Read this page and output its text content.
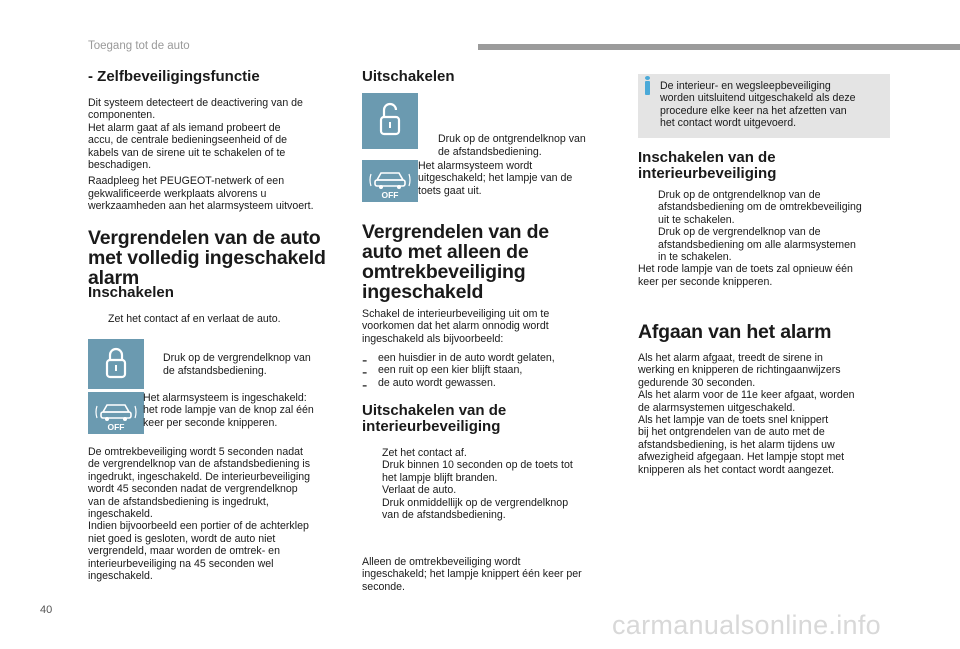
Toegang tot de auto
- Zelfbeveiligingsfunctie
Dit systeem detecteert de deactivering van de
componenten.
Het alarm gaat af als iemand probeert de
accu, de centrale bedieningseenheid of de
kabels van de sirene uit te schakelen of te
beschadigen.
Raadpleeg het PEUGEOT-netwerk of een
gekwalificeerde werkplaats alvorens u
werkzaamheden aan het alarmsysteem uitvoert.
Vergrendelen van de auto
met volledig ingeschakeld
alarm
Inschakelen
Zet het contact af en verlaat de auto.
Druk op de vergrendelknop van
de afstandsbediening.
OFF
Het alarmsysteem is ingeschakeld:
het rode lampje van de knop zal één
keer per seconde knipperen.
De omtrekbeveiliging wordt 5 seconden nadat
de vergrendelknop van de afstandsbediening is
ingedrukt, ingeschakeld. De interieurbeveiliging
wordt 45 seconden nadat de vergrendelknop
van de afstandsbediening is ingedrukt,
ingeschakeld.
Indien bijvoorbeeld een portier of de achterklep
niet goed is gesloten, wordt de auto niet
vergrendeld, maar worden de omtrek- en
interieurbeveiliging na 45 seconden wel
ingeschakeld.
Uitschakelen
Druk op de ontgrendelknop van
de afstandsbediening.
OFF
Het alarmsysteem wordt
uitgeschakeld; het lampje van de
toets gaat uit.
Vergrendelen van de
auto met alleen de
omtrekbeveiliging
ingeschakeld
Schakel de interieurbeveiliging uit om te
voorkomen dat het alarm onnodig wordt
ingeschakeld als bijvoorbeeld:
- een huisdier in de auto wordt gelaten,
- een ruit op een kier blijft staan,
- de auto wordt gewassen.
Uitschakelen van de
interieurbeveiliging
Zet het contact af.
Druk binnen 10 seconden op de toets tot
het lampje blijft branden.
Verlaat de auto.
Druk onmiddellijk op de vergrendelknop
van de afstandsbediening.
Alleen de omtrekbeveiliging wordt
ingeschakeld; het lampje knippert één keer per
seconde.
De interieur- en wegsleepbeveiliging
worden uitsluitend uitgeschakeld als deze
procedure elke keer na het afzetten van
het contact wordt uitgevoerd.
Inschakelen van de
interieurbeveiliging
Druk op de ontgrendelknop van de
afstandsbediening om de omtrekbeveiliging
uit te schakelen.
Druk op de vergrendelknop van de
afstandsbediening om alle alarmsystemen
in te schakelen.
Het rode lampje van de toets zal opnieuw één
keer per seconde knipperen.
Afgaan van het alarm
Als het alarm afgaat, treedt de sirene in
werking en knipperen de richtingaanwijzers
gedurende 30 seconden.
Als het alarm voor de 11e keer afgaat, worden
de alarmsystemen uitgeschakeld.
Als het lampje van de toets snel knippert
bij het ontgrendelen van de auto met de
afstandsbediening, is het alarm tijdens uw
afwezigheid afgegaan. Het lampje stopt met
knipperen als het contact wordt aangezet.
40	carmanualsonline.info
